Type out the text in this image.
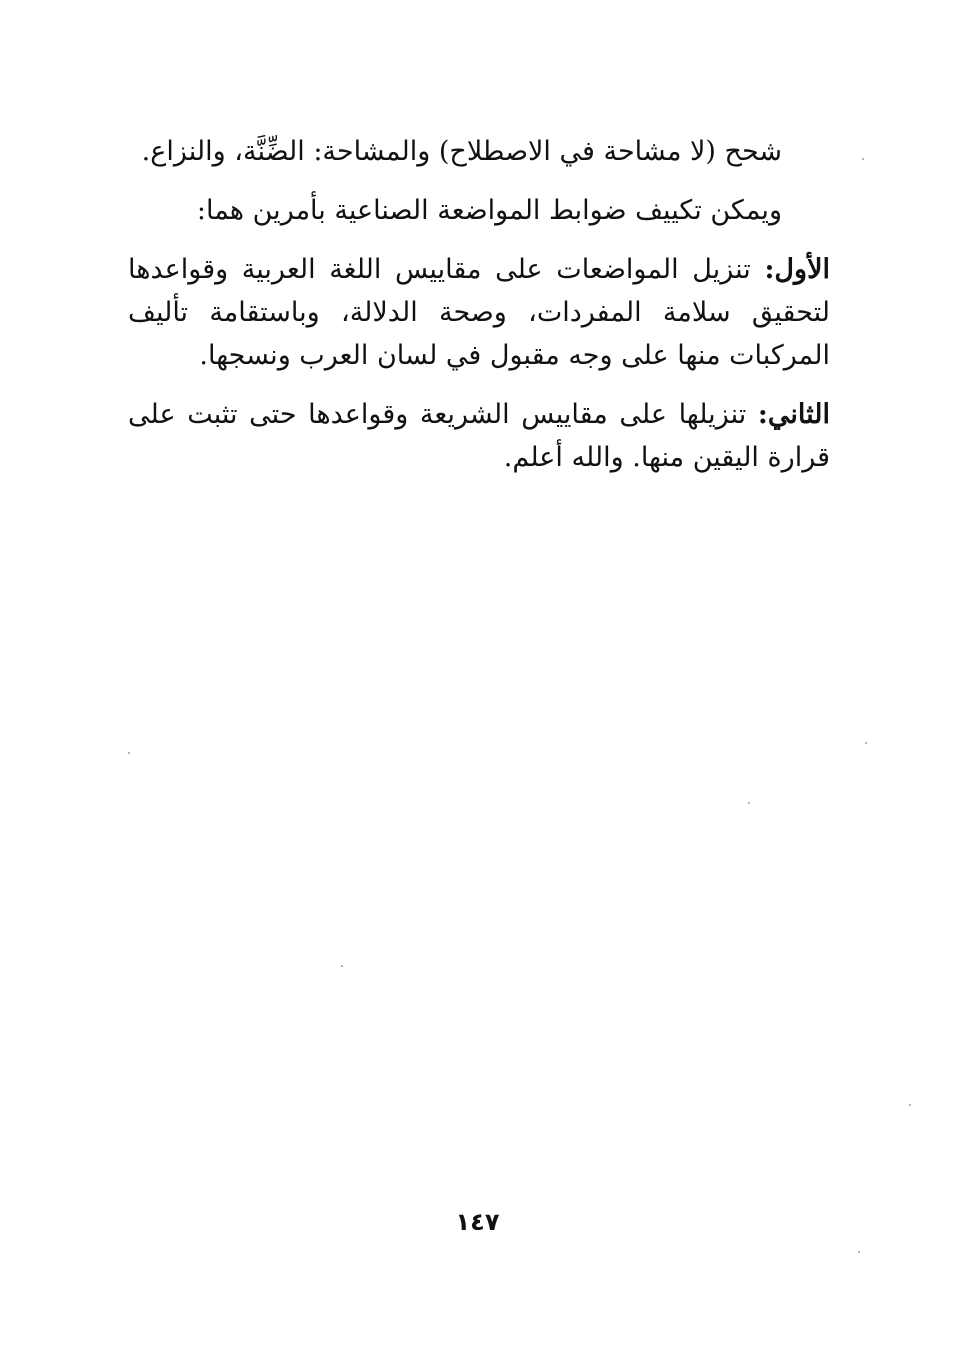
شحح (لا مشاحة في الاصطلاح) والمشاحة: الضِّنَّة، والنزاع.

ويمكن تكييف ضوابط المواضعة الصناعية بأمرين هما:

الأول: تنزيل المواضعات على مقاييس اللغة العربية وقواعدها لتحقيق سلامة المفردات، وصحة الدلالة، وباستقامة تأليف المركبات منها على وجه مقبول في لسان العرب ونسجها.

الثاني: تنزيلها على مقاييس الشريعة وقواعدها حتى تثبت على قرارة اليقين منها. والله أعلم.

١٤٧
